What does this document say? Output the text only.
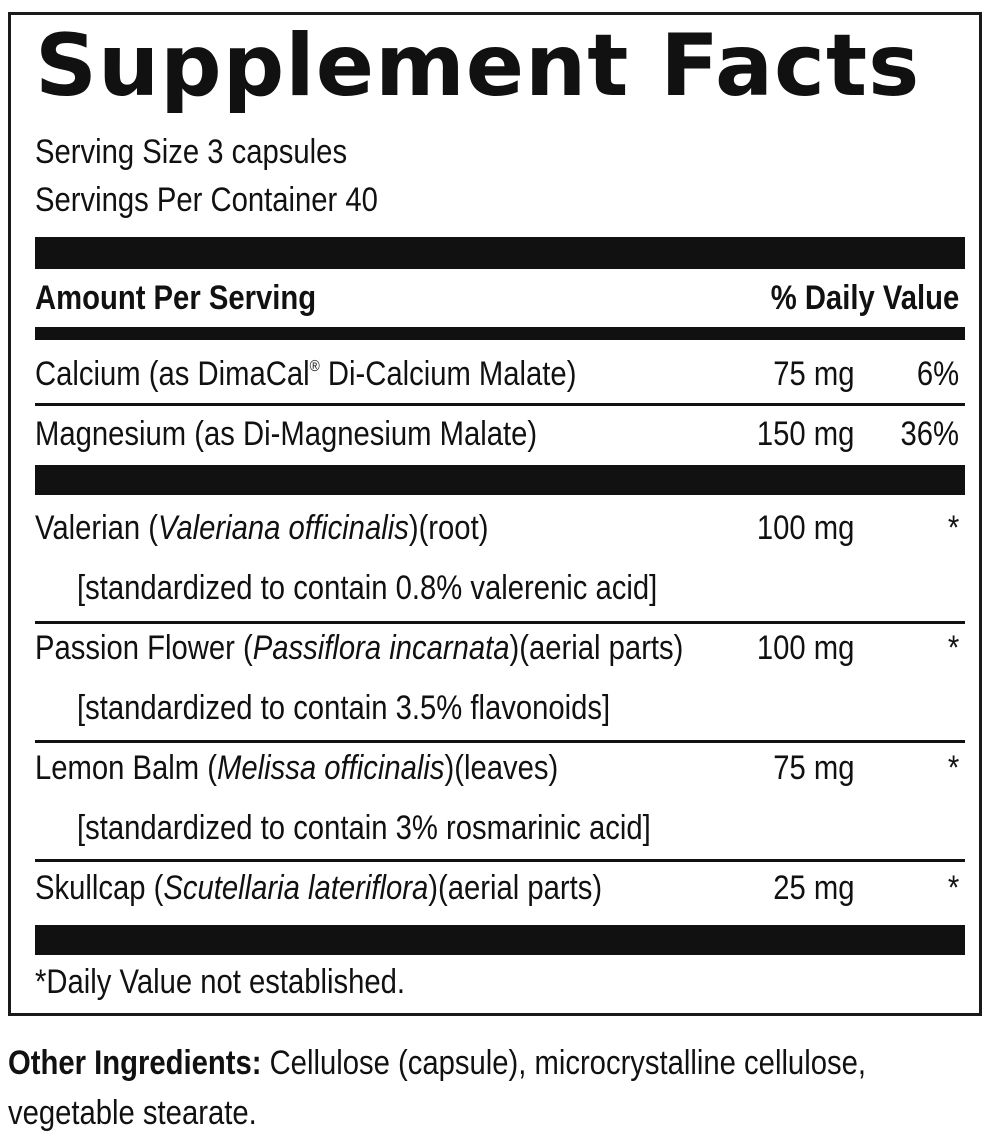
Supplement Facts
Serving Size 3 capsules
Servings Per Container 40
Amount Per Serving	% Daily Value
Calcium (as DimaCal® Di-Calcium Malate)	75 mg 6%
Magnesium (as Di-Magnesium Malate)	150 mg 36%
Valerian (Valeriana officinalis)(root)	100 mg	*
[standardized to contain 0.8% valerenic acid]
Passion Flower (Passiflora incarnata)(aerial parts) 100 mg	*
[standardized to contain 3.5% flavonoids]
Lemon Balm (Melissa officinalis)(leaves)	75 mg	*
[standardized to contain 3% rosmarinic acid]
Skullcap (Scutellaria lateriflora)(aerial parts)	25 mg	*
*Daily Value not established.
Other Ingredients: Cellulose (capsule), microcrystalline cellulose,
vegetable stearate.
